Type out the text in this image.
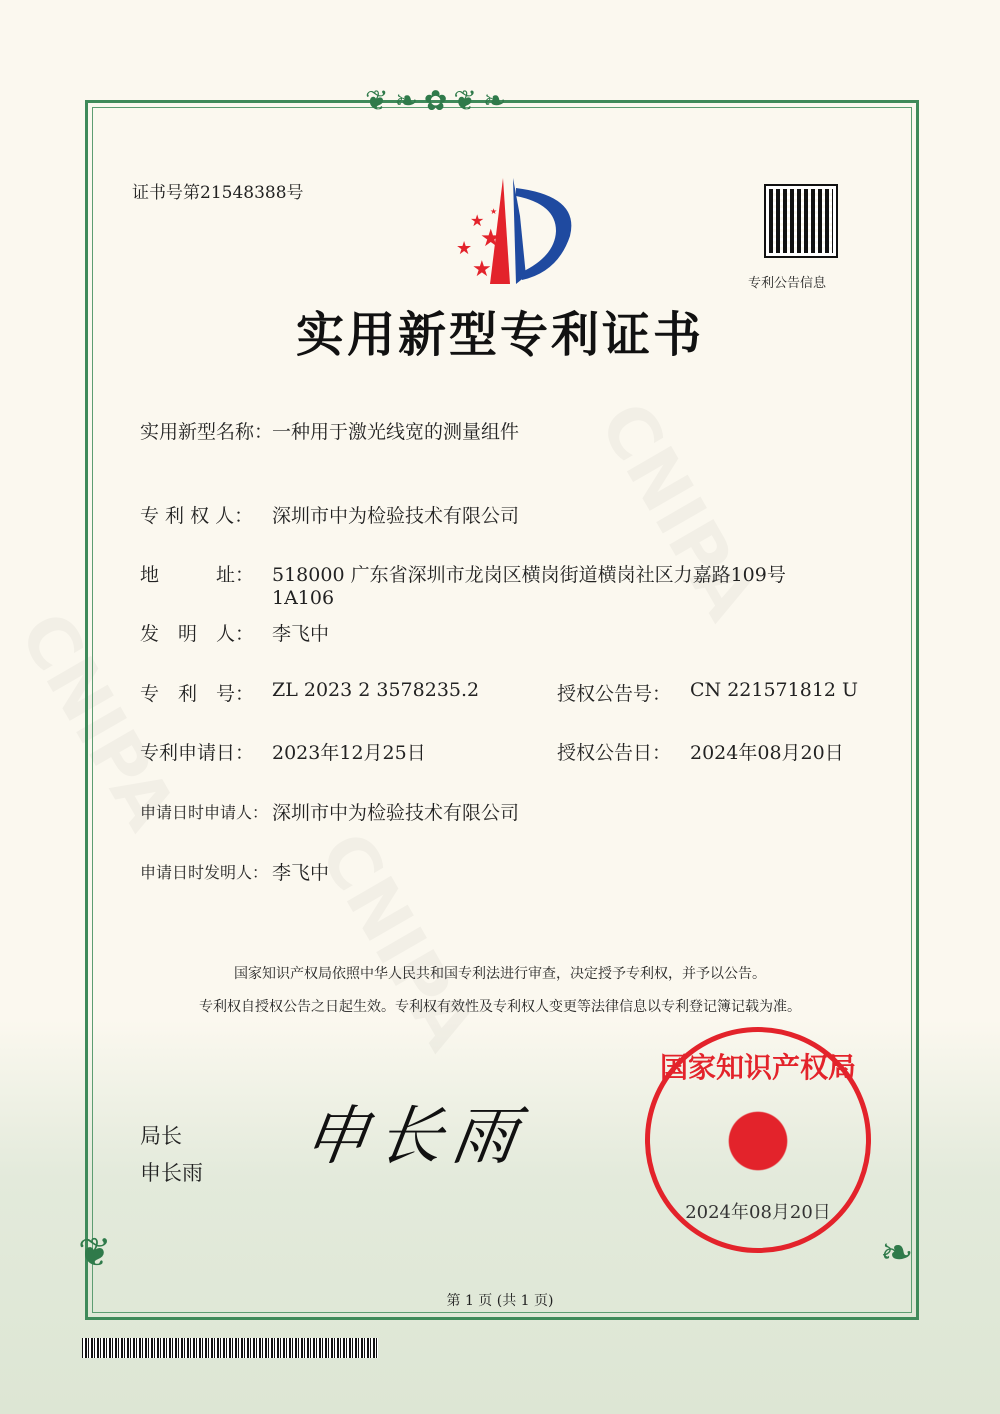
❦❧✿❦❧
❦	❧
证书号第21548388号
★
★
★
★
★
专利公告信息
实用新型专利证书
实用新型名称：
一种用于激光线宽的测量组件
专 利 权 人： 深圳市中为检验技术有限公司
地　　　址： 518000 广东省深圳市龙岗区横岗街道横岗社区力嘉路109号
1A106
发　明　人： 李飞中
专　利　号： ZL 2023 2 3578235.2	授权公告号： CN 221571812 U
专利申请日： 2023年12月25日	授权公告日： 2024年08月20日
申请日时申请人： 深圳市中为检验技术有限公司
申请日时发明人： 李飞中
国家知识产权局依照中华人民共和国专利法进行审查，决定授予专利权，并予以公告。
专利权自授权公告之日起生效。专利权有效性及专利权人变更等法律信息以专利登记簿记载为准。
局长
申长雨 申长雨
国家知识产权局
2024年08月20日
第 1 页 (共 1 页)
